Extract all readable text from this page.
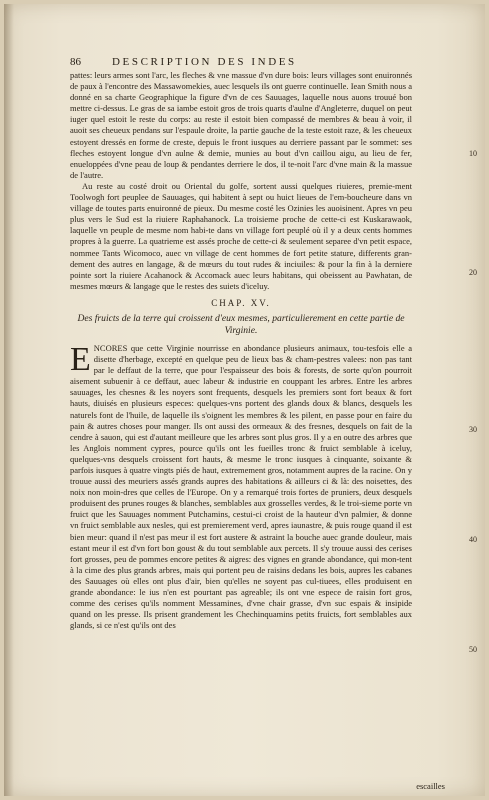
86	DESCRIPTION DES INDES

pattes: leurs armes sont l'arc, les fleches & vne massue d'vn dure bois: leurs villages sont enuironnés de paux à l'encontre des Massawomekies, auec lesquels ils ont guerre continuelle. Iean Smith nous a donné en sa charte Geographique la figure d'vn de ces Sauuages, laquelle nous auons trouué bon mettre ci-dessus. Le gras de sa iambe estoit gros de trois quarts d'aulne d'Angleterre, duquel on peut iuger quel estoit le reste du corps: au reste il estoit bien compassé de membres & beau à voir, il auoit ses cheueux pendans sur l'espaule droite, la partie gauche de la teste estoit raze, & les cheueux estoyent dressés en forme de creste, depuis le front iusques au derriere passant par le sommet: ses fleches estoyent longue d'vn aulne & demie, munies au bout d'vn caillou aigu, au lieu de fer, enueloppées d'vne peau de loup & pendantes derriere le dos, il te-noit l'arc d'vne main & la massue de l'autre.

Au reste au costé droit ou Oriental du golfe, sortent aussi quelques riuieres, premie-ment Toolwogh fort peuplee de Sauuages, qui habitent à sept ou huict lieues de l'em-boucheure dans vn village de toutes parts enuironné de pieux. Du mesme costé les Ozinies les auoisinent. Apres vn peu plus vers le Sud est la riuiere Raphahanock. La troisieme proche de cette-ci est Kuskarawaok, laquelle vn peuple de mesme nom habi-te dans vn village fort peuplé où il y a deux cents hommes propres à la guerre. La quatrieme est assés proche de cette-ci & seulement separee d'vn petit espace, nommee Tants Wicomoco, auec vn village de cent hommes de fort petite stature, differents gran-dement des autres en langage, & de mœurs du tout rudes & inciuiles: & pour la fin à la derniere pointe sort la riuiere Acahanock & Accomack auec leurs habitans, qui obeissent au Pawhatan, de mesmes mœurs & langage que le restes des suiets d'iceluy.

CHAP. XV.
Des fruicts de la terre qui croissent d'eux mesmes, particulierement en cette partie de Virginie.

ENCORES que cette Virginie nourrisse en abondance plusieurs animaux, tou-tesfois elle a disette d'herbage, excepté en quelque peu de lieux bas & cham-pestres valees: non pas tant par le deffaut de la terre, que pour l'espaisseur des bois & forests, de sorte qu'on pourroit aisement subuenir à ce deffaut, auec labeur & industrie en couppant les arbres. Entre les arbres sauuages, les chesnes & les noyers sont frequents, desquels les premiers sont fort beaux & fort hauts, diuisés en plusieurs especes: quelques-vns portent des glands doux & blancs, desquels les naturels font de l'huile, de laquelle ils s'oignent les membres & les pilent, en passe pour en faire du pain & autres choses pour manger. Ils ont aussi des ormeaux & des fresnes, desquels on fait de la cendre à sauon, qui est d'autant meilleure que les arbres sont plus gros. Il y a en outre des arbres que les Anglois nomment cypres, pource qu'ils ont les fueilles tronc & fruict semblable à iceluy, quelques-vns desquels croissent fort hauts, & mesme le tronc iusques à cinquante, soixante & parfois iusques à quatre vingts piés de haut, extremement gros, notamment aupres de la racine. On y trouue aussi des meuriers assés grands aupres des habitations & ailleurs ci & là: des noisettes, des noix non moin-dres que celles de l'Europe. On y a remarqué trois fortes de pruniers, deux desquels produisent des prunes rouges & blanches, semblables aux grosselles verdes, & le troi-sieme porte vn fruict que les Sauuages nomment Putchamins, cestui-ci croist de la hauteur d'vn palmier, & donne vn fruict semblable aux nesles, qui est premierement verd, apres iaunastre, & puis rouge quand il est bien meur: quand il n'est pas meur il est fort austere & astraint la bouche auec grande douleur, mais estant meur il est d'vn fort bon goust & du tout semblable aux percets. Il s'y trouue aussi des cerises fort grosses, peu de pommes encore petites & aigres: des vignes en grande abondance, qui mon-tent à la cime des plus grands arbres, mais qui portent peu de raisins dedans les bois, aupres les cabanes des Sauuages où elles ont plus d'air, bien qu'elles ne soyent pas cul-tiuees, elles produisent en grande abondance: le ius n'en est pourtant pas agreable; ils ont vne espece de raisin fort gros, comme des cerises qu'ils nomment Messamines, d'vne chair grasse, d'vn suc espais & insipide quand on les presse. Ils prisent grandement les Chechinquamins petits fruicts, fort semblables aux glands, si ce n'est qu'ils ont des

10
20
30
40
50
escailles
